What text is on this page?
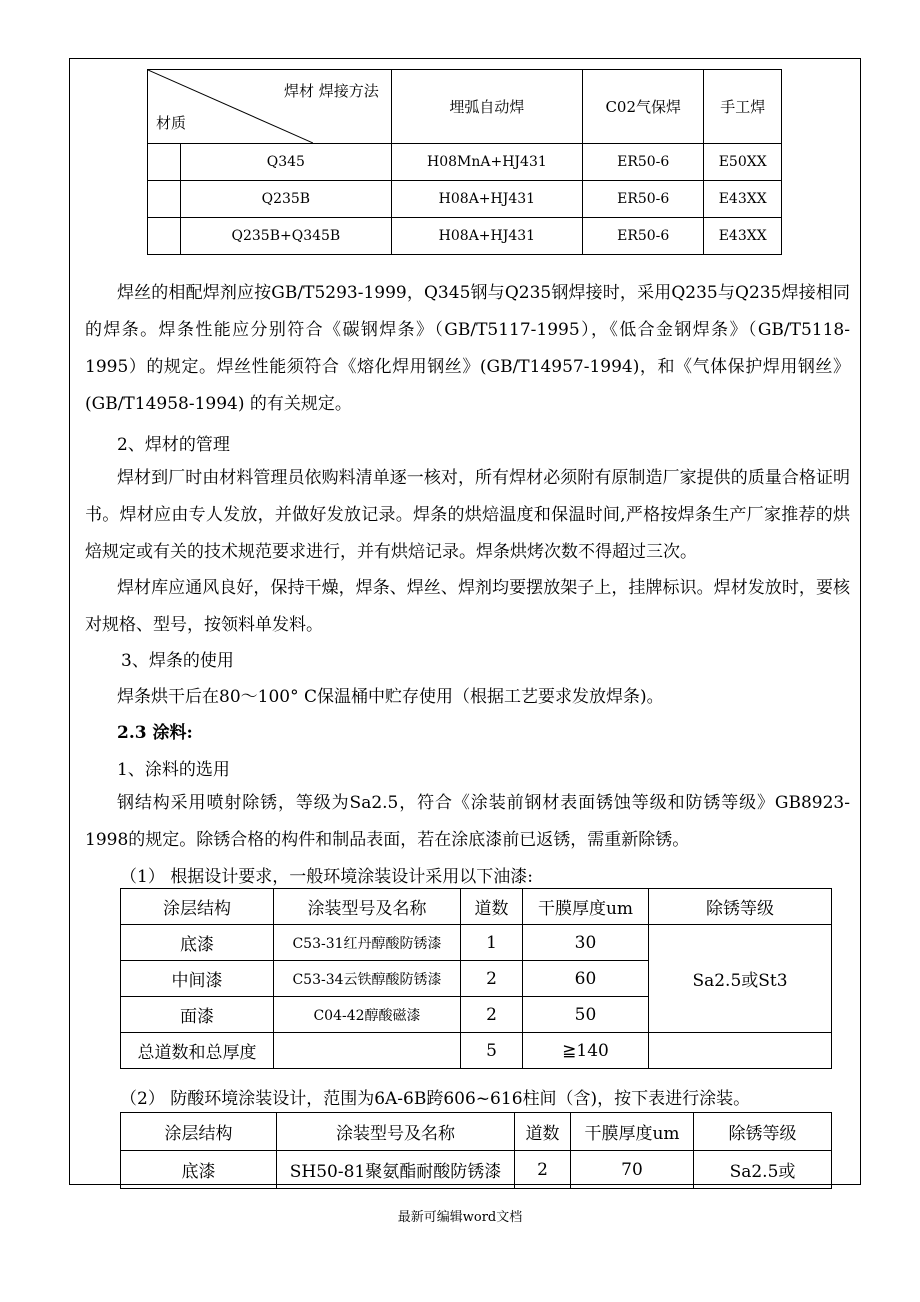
焊材 焊接方法
材质		埋弧自动焊	C02气保焊	手工焊
	Q345	H08MnA+HJ431	ER50-6	E50XX
	Q235B	H08A+HJ431	ER50-6	E43XX
	Q235B+Q345B	H08A+HJ431	ER50-6	E43XX
焊丝的相配焊剂应按GB/T5293-1999，Q345钢与Q235钢焊接时，采用Q235与Q235焊接相同的焊条。焊条性能应分别符合《碳钢焊条》（GB/T5117-1995），《低合金钢焊条》（GB/T5118-1995）的规定。焊丝性能须符合《熔化焊用钢丝》(GB/T14957-1994)，和《气体保护焊用钢丝》(GB/T14958-1994) 的有关规定。
2、焊材的管理
焊材到厂时由材料管理员依购料清单逐一核对，所有焊材必须附有原制造厂家提供的质量合格证明书。焊材应由专人发放，并做好发放记录。焊条的烘焙温度和保温时间,严格按焊条生产厂家推荐的烘焙规定或有关的技术规范要求进行，并有烘焙记录。焊条烘烤次数不得超过三次。
焊材库应通风良好，保持干燥，焊条、焊丝、焊剂均要摆放架子上，挂牌标识。焊材发放时，要核对规格、型号，按领料单发料。
3、焊条的使用
焊条烘干后在80～100° C保温桶中贮存使用（根据工艺要求发放焊条)。
2.3 涂料:
1、涂料的选用
钢结构采用喷射除锈，等级为Sa2.5，符合《涂装前钢材表面锈蚀等级和防锈等级》GB8923-1998的规定。除锈合格的构件和制品表面，若在涂底漆前已返锈，需重新除锈。
（1） 根据设计要求，一般环境涂装设计采用以下油漆:
涂层结构	涂装型号及名称	道数	干膜厚度um	除锈等级
底漆	C53-31红丹醇酸防锈漆	1	30	Sa2.5或St3
中间漆	C53-34云铁醇酸防锈漆	2	60	
面漆	C04-42醇酸磁漆	2	50	
总道数和总厚度		5	≧140	
（2） 防酸环境涂装设计，范围为6A-6B跨606~616柱间（含)，按下表进行涂装。
涂层结构	涂装型号及名称	道数	干膜厚度um	除锈等级
底漆	SH50-81聚氨酯耐酸防锈漆	2	70	Sa2.5或
最新可编辑word文档
